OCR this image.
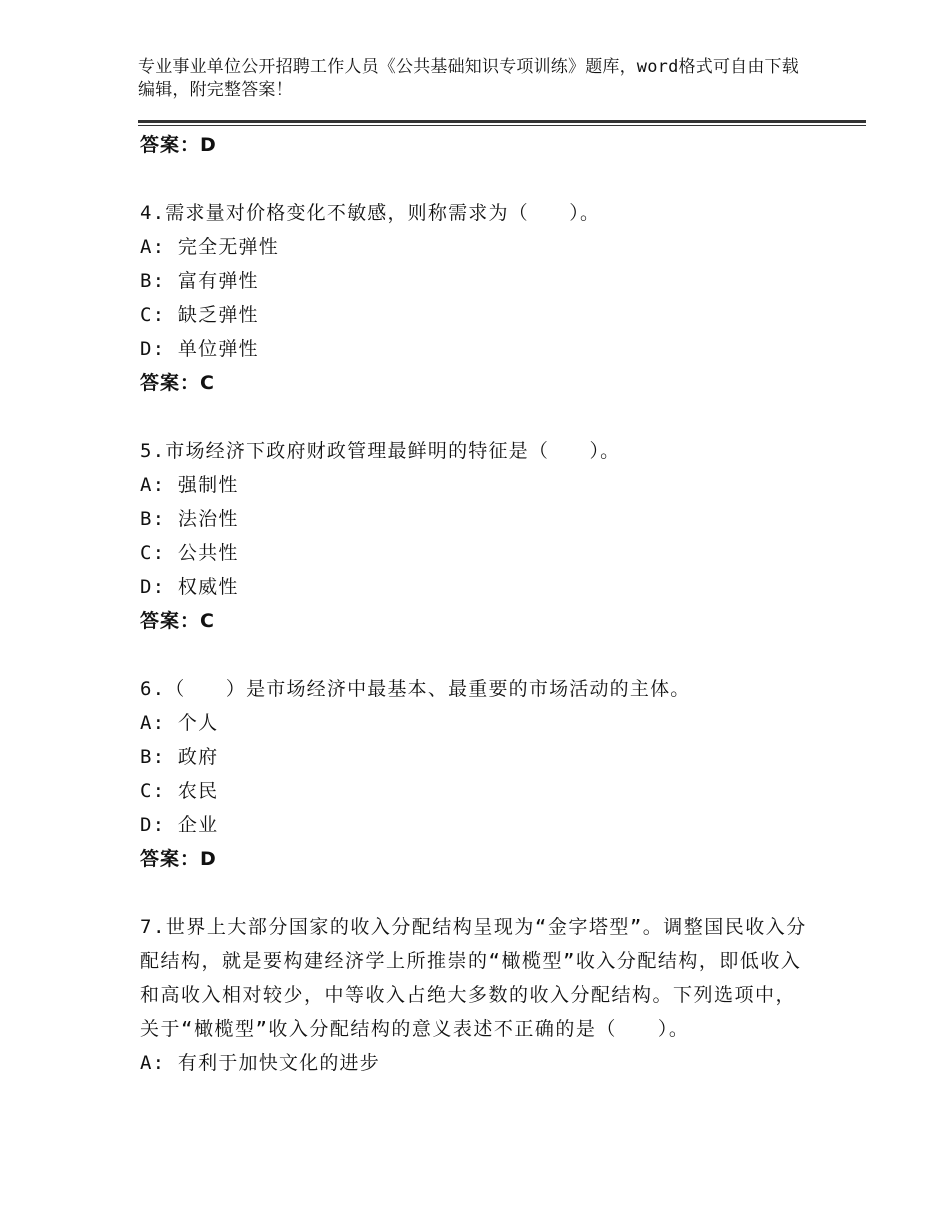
专业事业单位公开招聘工作人员《公共基础知识专项训练》题库，word格式可自由下载编辑，附完整答案！
答案：D
4.需求量对价格变化不敏感，则称需求为（　　）。
A: 完全无弹性
B: 富有弹性
C: 缺乏弹性
D: 单位弹性
答案：C
5.市场经济下政府财政管理最鲜明的特征是（　　）。
A: 强制性
B: 法治性
C: 公共性
D: 权威性
答案：C
6.（　　）是市场经济中最基本、最重要的市场活动的主体。
A: 个人
B: 政府
C: 农民
D: 企业
答案：D

7.世界上大部分国家的收入分配结构呈现为“金字塔型”。调整国民收入分配结构，就是要构建经济学上所推崇的“橄榄型”收入分配结构，即低收入和高收入相对较少，中等收入占绝大多数的收入分配结构。下列选项中，关于“橄榄型”收入分配结构的意义表述不正确的是（　　）。

A: 有利于加快文化的进步
